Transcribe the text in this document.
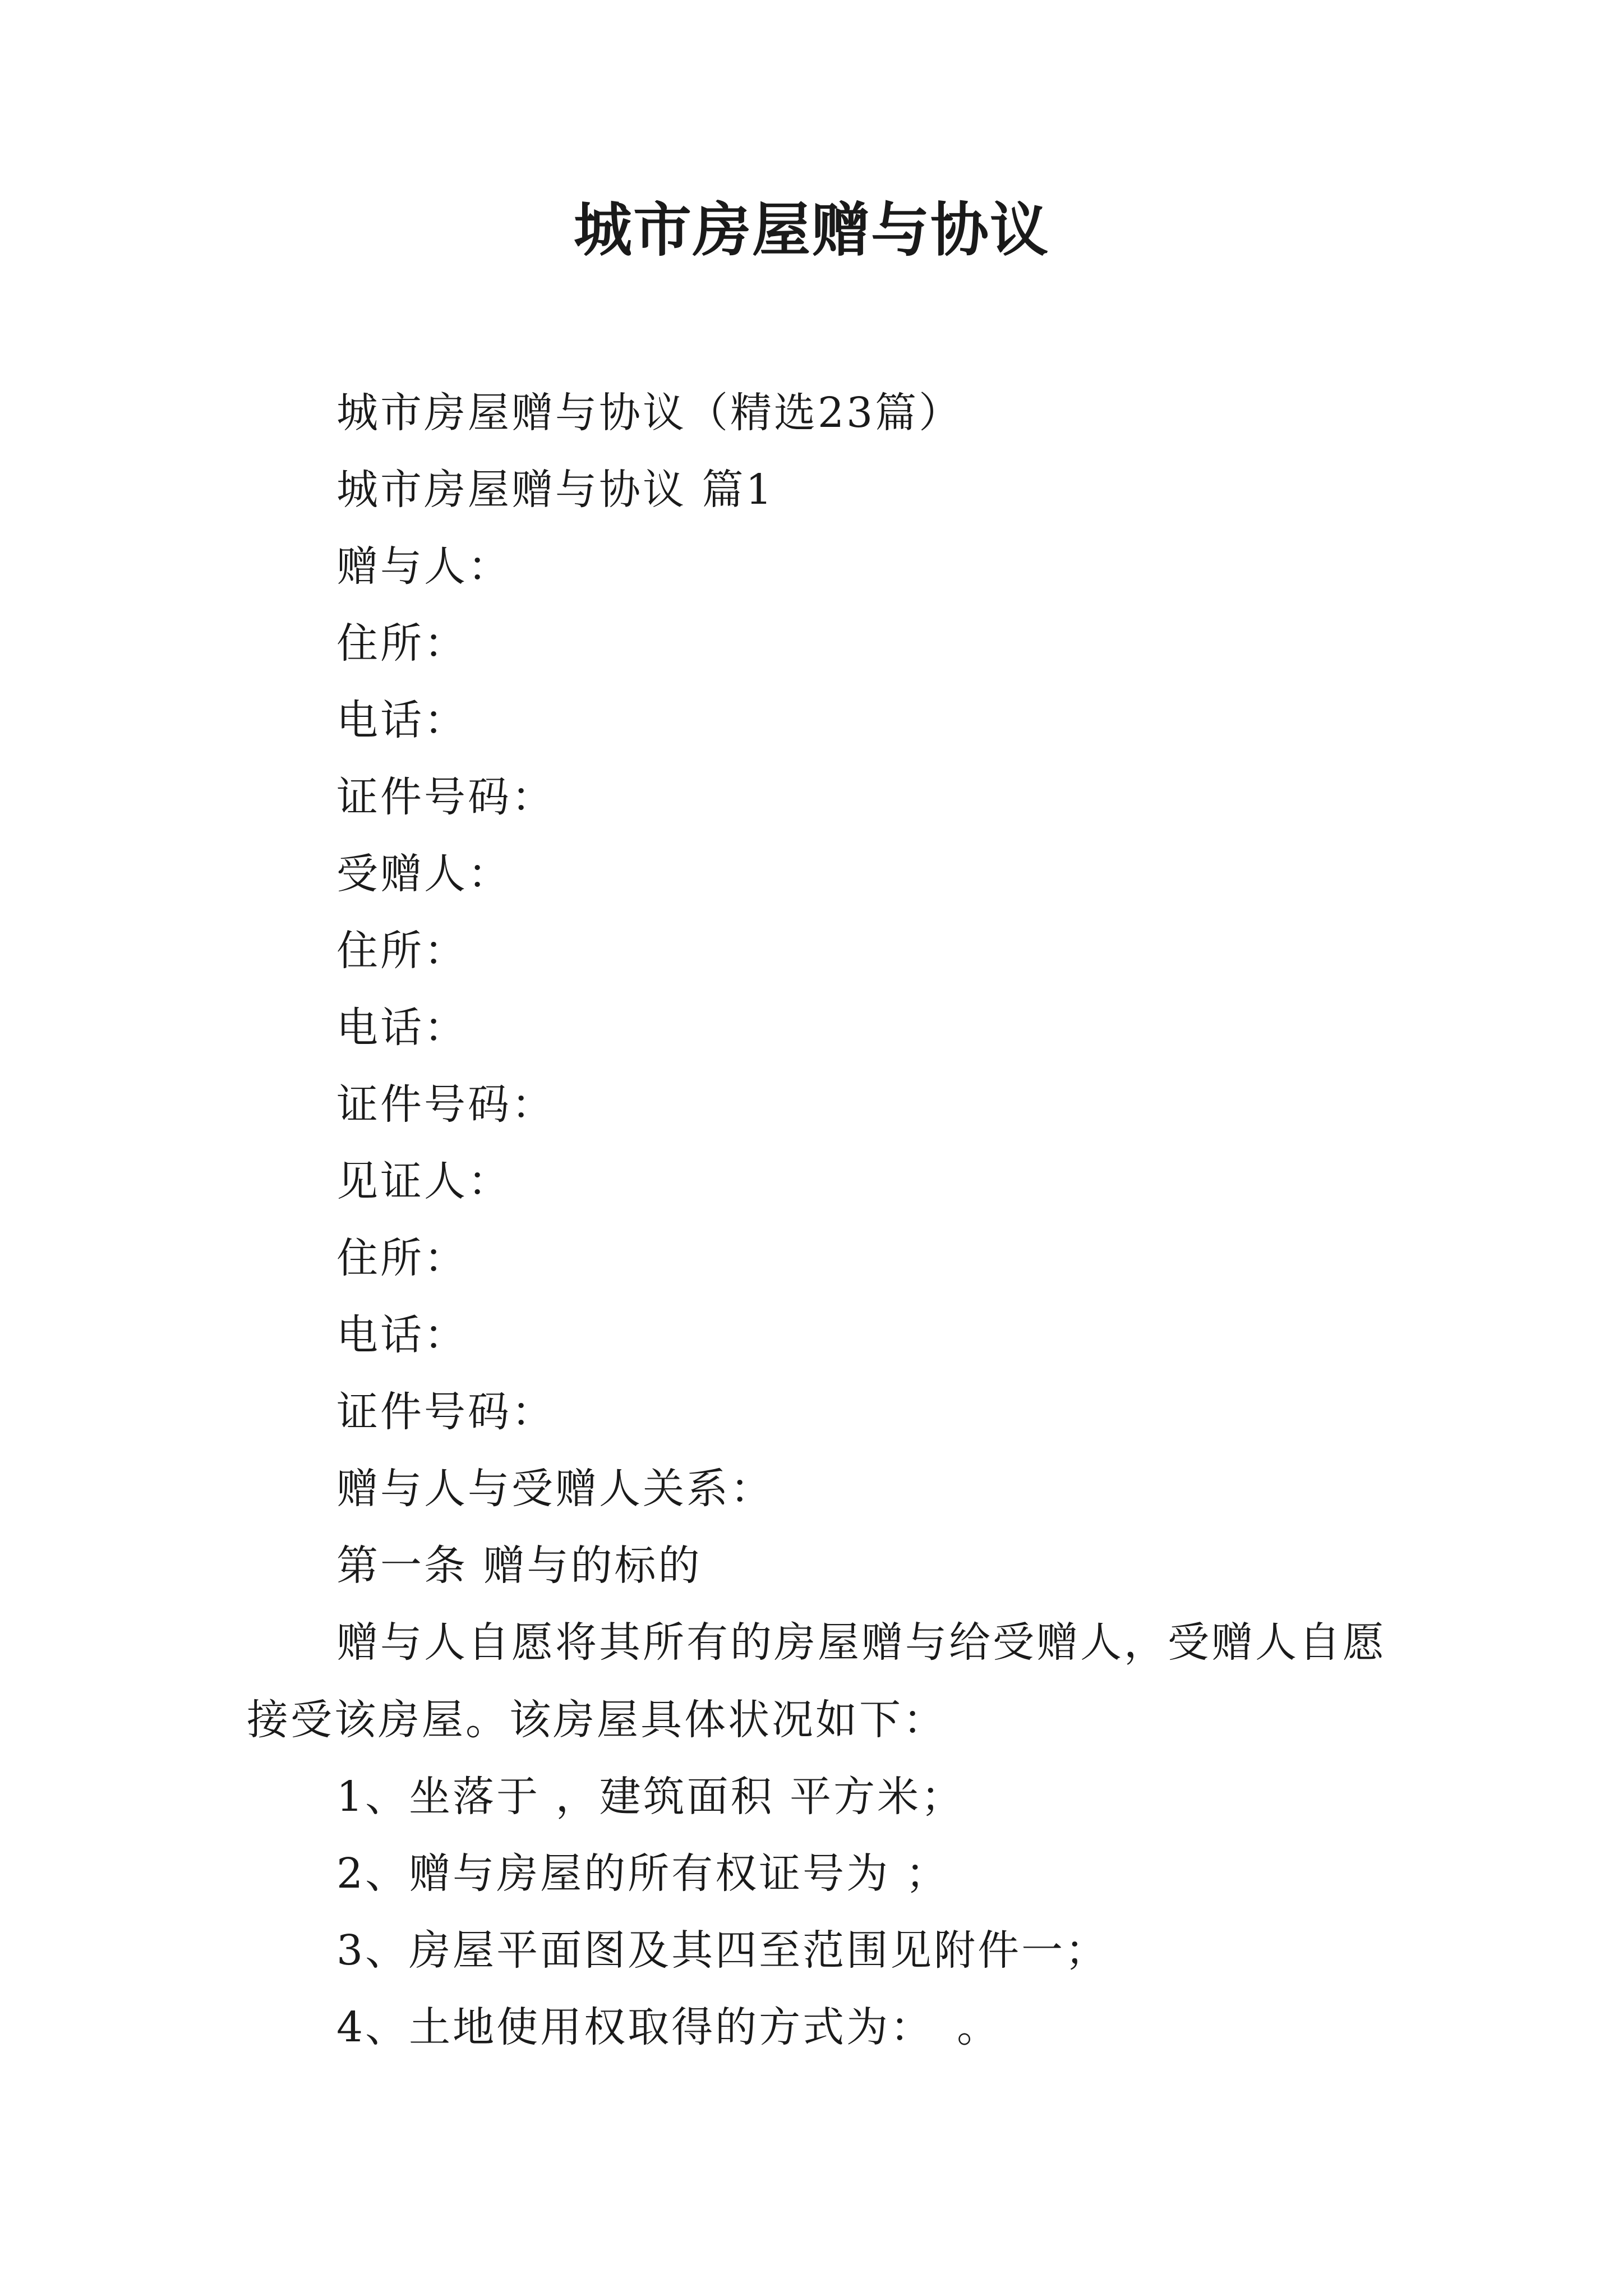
城市房屋赠与协议

城市房屋赠与协议（精选23篇）

城市房屋赠与协议 篇1

赠与人：

住所：

电话：

证件号码：

受赠人：

住所：

电话：

证件号码：

见证人：

住所：

电话：

证件号码：

赠与人与受赠人关系：

第一条 赠与的标的

赠与人自愿将其所有的房屋赠与给受赠人，受赠人自愿接受该房屋。该房屋具体状况如下：

1、坐落于 ，建筑面积 平方米；

2、赠与房屋的所有权证号为 ；

3、房屋平面图及其四至范围见附件一；

4、土地使用权取得的方式为：　。
